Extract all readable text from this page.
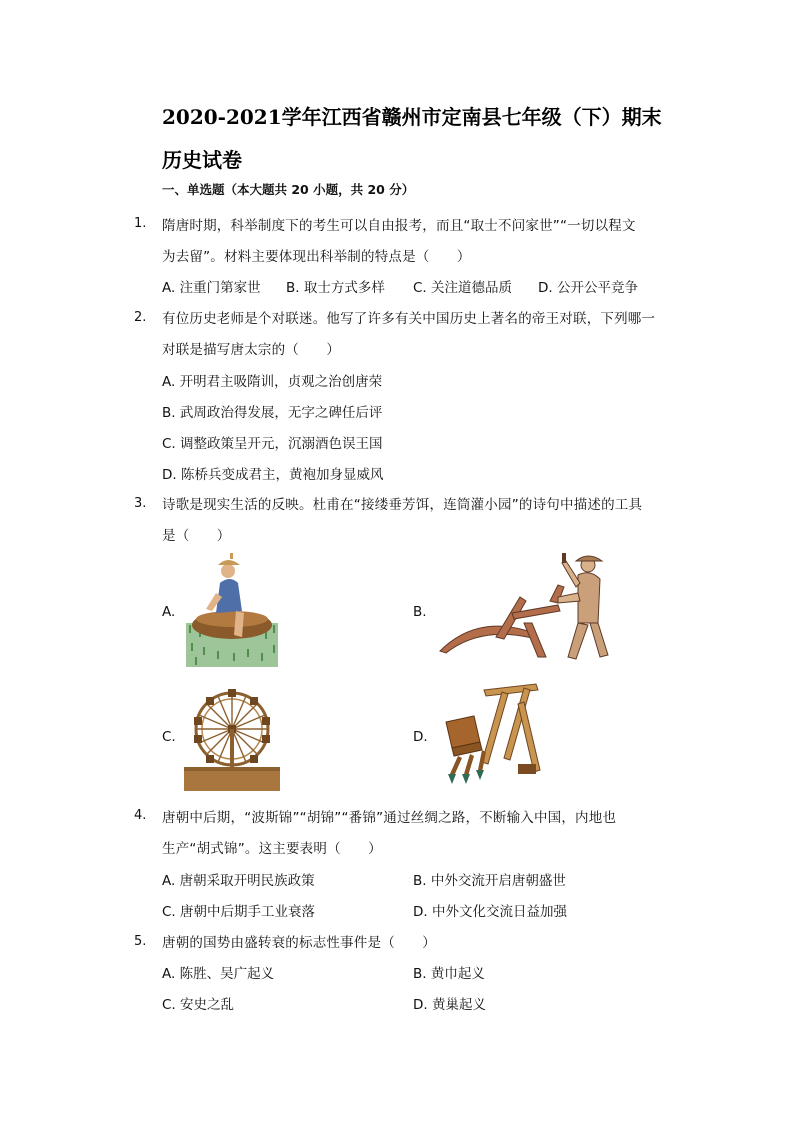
2020-2021学年江西省赣州市定南县七年级（下）期末
历史试卷
一、单选题（本大题共 20 小题，共 20 分）
1. 隋唐时期，科举制度下的考生可以自由报考，而且“取士不问家世”“一切以程文
为去留”。材料主要体现出科举制的特点是（　　）
A. 注重门第家世 B. 取士方式多样 C. 关注道德品质 D. 公开公平竞争
2. 有位历史老师是个对联迷。他写了许多有关中国历史上著名的帝王对联，下列哪一
对联是描写唐太宗的（　　）
A. 开明君主吸隋训，贞观之治创唐荣
B. 武周政治得发展，无字之碑任后评
C. 调整政策呈开元，沉溺酒色误王国
D. 陈桥兵变成君主，黄袍加身显威风
3. 诗歌是现实生活的反映。杜甫在“接缕垂芳饵，连筒灌小园”的诗句中描述的工具
是（　　）
A.	B.
C.	D.
4. 唐朝中后期，“波斯锦”“胡锦”“番锦”通过丝绸之路，不断输入中国，内地也
生产“胡式锦”。这主要表明（　　）
A. 唐朝采取开明民族政策	B. 中外交流开启唐朝盛世
C. 唐朝中后期手工业衰落	D. 中外文化交流日益加强
5. 唐朝的国势由盛转衰的标志性事件是（　　）
A. 陈胜、吴广起义	B. 黄巾起义
C. 安史之乱	D. 黄巢起义
